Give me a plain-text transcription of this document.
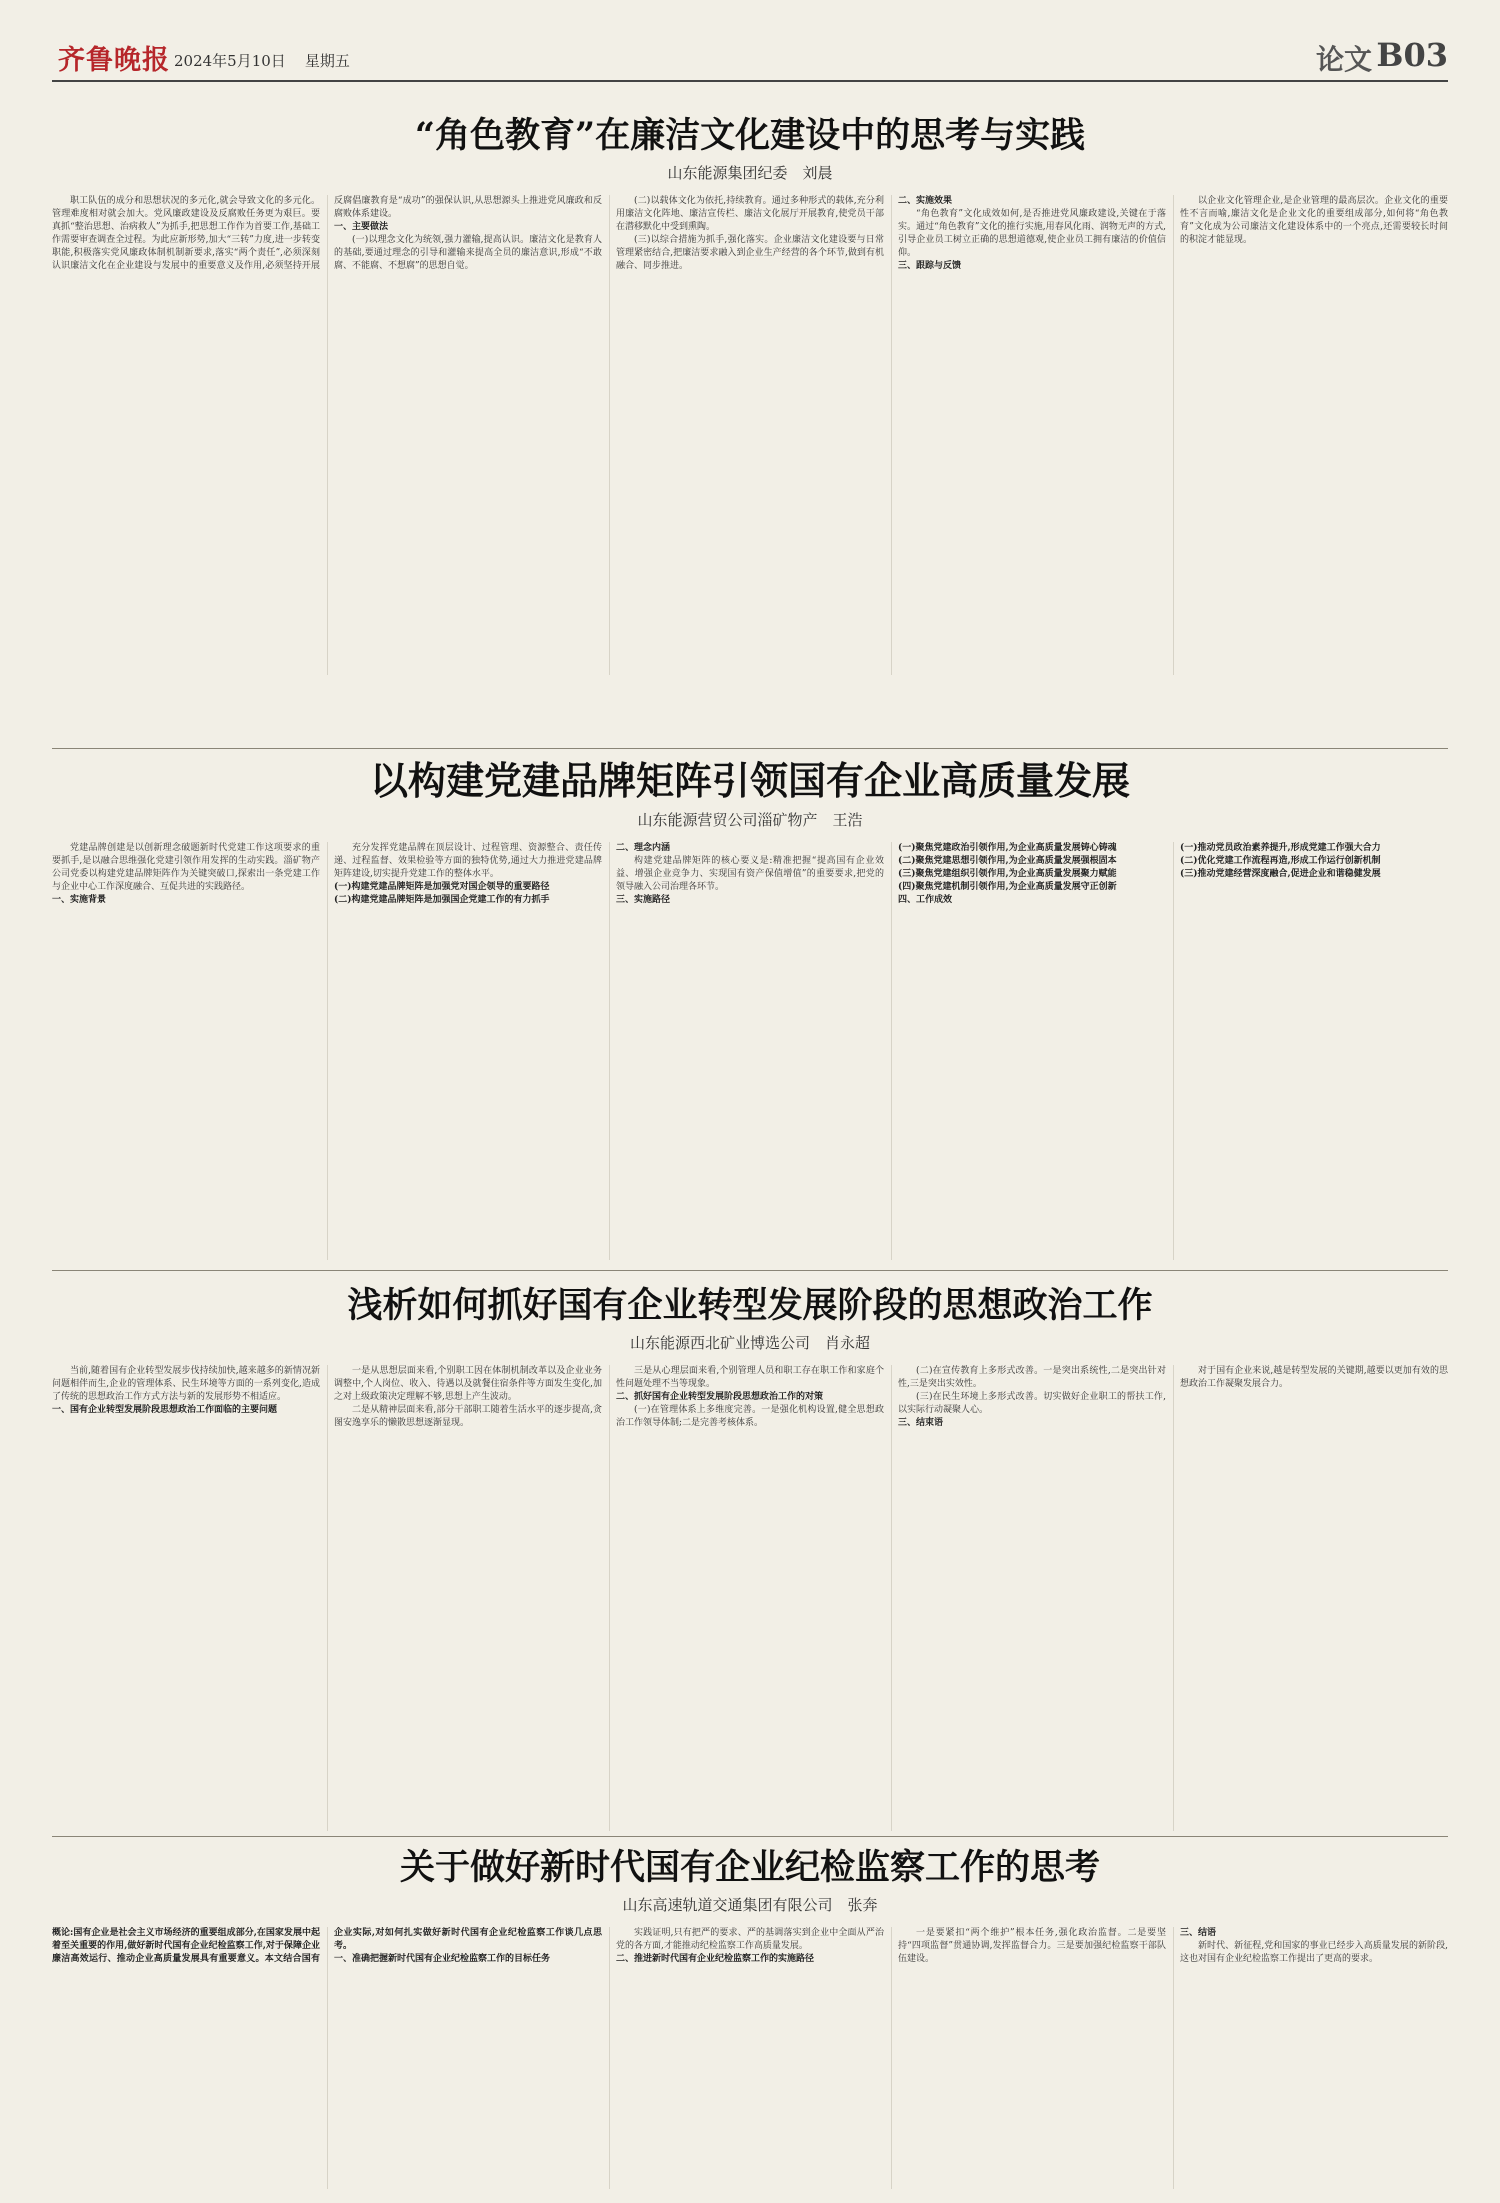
齐鲁晚报 2024年5月10日 星期五	论文 B03
“角色教育”在廉洁文化建设中的思考与实践
山东能源集团纪委　刘晨

职工队伍的成分和思想状况的多元化,就会导致文化的多元化。管理难度相对就会加大。党风廉政建设及反腐败任务更为艰巨。要真抓“整治思想、治病救人”为抓手,把思想工作作为首要工作,基础工作需要审查调查全过程。为此应新形势,加大“三转”力度,进一步转变职能,积极落实党风廉政体制机制新要求,落实“两个责任”,必须深刻认识廉洁文化在企业建设与发展中的重要意义及作用,必须坚持开展反腐倡廉教育是“成功”的强保认识,从思想源头上推进党风廉政和反腐败体系建设。

一、主要做法

(一)以理念文化为统领,强力灌输,提高认识。廉洁文化是教育人的基础,要通过理念的引导和灌输来提高全员的廉洁意识,形成“不敢腐、不能腐、不想腐”的思想自觉。

(二)以载体文化为依托,持续教育。通过多种形式的载体,充分利用廉洁文化阵地、廉洁宣传栏、廉洁文化展厅开展教育,使党员干部在潜移默化中受到熏陶。

(三)以综合措施为抓手,强化落实。企业廉洁文化建设要与日常管理紧密结合,把廉洁要求融入到企业生产经营的各个环节,做到有机融合、同步推进。

二、实施效果

“角色教育”文化成效如何,是否推进党风廉政建设,关键在于落实。通过“角色教育”文化的推行实施,用春风化雨、润物无声的方式,引导企业员工树立正确的思想道德观,使企业员工拥有廉洁的价值信仰。

三、跟踪与反馈

以企业文化管理企业,是企业管理的最高层次。企业文化的重要性不言而喻,廉洁文化是企业文化的重要组成部分,如何将“角色教育”文化成为公司廉洁文化建设体系中的一个亮点,还需要较长时间的积淀才能显现。

以构建党建品牌矩阵引领国有企业高质量发展
山东能源营贸公司淄矿物产　王浩

党建品牌创建是以创新理念破题新时代党建工作这项要求的重要抓手,是以融合思维强化党建引领作用发挥的生动实践。淄矿物产公司党委以构建党建品牌矩阵作为关键突破口,探索出一条党建工作与企业中心工作深度融合、互促共进的实践路径。

一、实施背景

充分发挥党建品牌在顶层设计、过程管理、资源整合、责任传递、过程监督、效果检验等方面的独特优势,通过大力推进党建品牌矩阵建设,切实提升党建工作的整体水平。

(一)构建党建品牌矩阵是加强党对国企领导的重要路径

(二)构建党建品牌矩阵是加强国企党建工作的有力抓手

二、理念内涵

构建党建品牌矩阵的核心要义是:精准把握“提高国有企业效益、增强企业竞争力、实现国有资产保值增值”的重要要求,把党的领导融入公司治理各环节。

三、实施路径

(一)聚焦党建政治引领作用,为企业高质量发展铸心铸魂

(二)聚焦党建思想引领作用,为企业高质量发展强根固本

(三)聚焦党建组织引领作用,为企业高质量发展聚力赋能

(四)聚焦党建机制引领作用,为企业高质量发展守正创新

四、工作成效

(一)推动党员政治素养提升,形成党建工作强大合力

(二)优化党建工作流程再造,形成工作运行创新机制

(三)推动党建经营深度融合,促进企业和谐稳健发展

浅析如何抓好国有企业转型发展阶段的思想政治工作
山东能源西北矿业博选公司　肖永超

当前,随着国有企业转型发展步伐持续加快,越来越多的新情况新问题相伴而生,企业的管理体系、民生环境等方面的一系列变化,造成了传统的思想政治工作方式方法与新的发展形势不相适应。

一、国有企业转型发展阶段思想政治工作面临的主要问题

一是从思想层面来看,个别职工因在体制机制改革以及企业业务调整中,个人岗位、收入、待遇以及就餐住宿条件等方面发生变化,加之对上级政策决定理解不够,思想上产生波动。

二是从精神层面来看,部分干部职工随着生活水平的逐步提高,贪图安逸享乐的懒散思想逐渐显现。

三是从心理层面来看,个别管理人员和职工存在职工作和家庭个性问题处理不当等现象。

二、抓好国有企业转型发展阶段思想政治工作的对策

(一)在管理体系上多维度完善。一是强化机构设置,健全思想政治工作领导体制;二是完善考核体系。

(二)在宣传教育上多形式改善。一是突出系统性,二是突出针对性,三是突出实效性。

(三)在民生环境上多形式改善。切实做好企业职工的帮扶工作,以实际行动凝聚人心。

三、结束语

对于国有企业来说,越是转型发展的关键期,越要以更加有效的思想政治工作凝聚发展合力。

关于做好新时代国有企业纪检监察工作的思考
山东高速轨道交通集团有限公司　张奔

概论:国有企业是社会主义市场经济的重要组成部分,在国家发展中起着至关重要的作用,做好新时代国有企业纪检监察工作,对于保障企业廉洁高效运行、推动企业高质量发展具有重要意义。本文结合国有企业实际,对如何扎实做好新时代国有企业纪检监察工作谈几点思考。

一、准确把握新时代国有企业纪检监察工作的目标任务

实践证明,只有把严的要求、严的基调落实到企业中全面从严治党的各方面,才能推动纪检监察工作高质量发展。

二、推进新时代国有企业纪检监察工作的实施路径

一是要紧扣“两个维护”根本任务,强化政治监督。二是要坚持“四项监督”贯通协调,发挥监督合力。三是要加强纪检监察干部队伍建设。

三、结语

新时代、新征程,党和国家的事业已经步入高质量发展的新阶段,这也对国有企业纪检监察工作提出了更高的要求。
